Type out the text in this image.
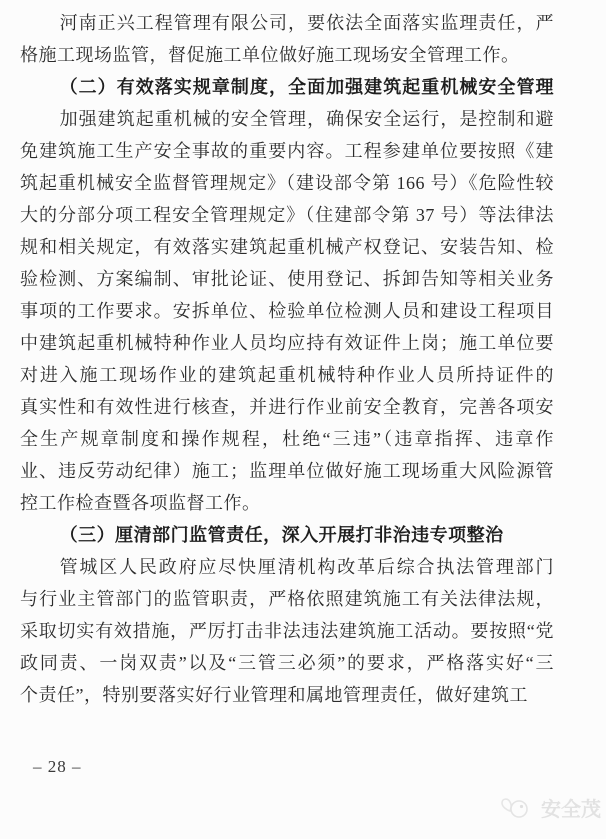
河南正兴工程管理有限公司，要依法全面落实监理责任，严
格施工现场监管，督促施工单位做好施工现场安全管理工作。
（二）有效落实规章制度，全面加强建筑起重机械安全管理
加强建筑起重机械的安全管理，确保安全运行，是控制和避
免建筑施工生产安全事故的重要内容。工程参建单位要按照《建
筑起重机械安全监督管理规定》（建设部令第 166 号）《危险性较
大的分部分项工程安全管理规定》（住建部令第 37 号）等法律法
规和相关规定，有效落实建筑起重机械产权登记、安装告知、检
验检测、方案编制、审批论证、使用登记、拆卸告知等相关业务
事项的工作要求。安拆单位、检验单位检测人员和建设工程项目
中建筑起重机械特种作业人员均应持有效证件上岗；施工单位要
对进入施工现场作业的建筑起重机械特种作业人员所持证件的
真实性和有效性进行核查，并进行作业前安全教育，完善各项安
全生产规章制度和操作规程，杜绝“三违”（违章指挥、违章作
业、违反劳动纪律）施工；监理单位做好施工现场重大风险源管
控工作检查暨各项监督工作。
（三）厘清部门监管责任，深入开展打非治违专项整治
管城区人民政府应尽快厘清机构改革后综合执法管理部门
与行业主管部门的监管职责，严格依照建筑施工有关法律法规，
采取切实有效措施，严厉打击非法违法建筑施工活动。要按照“党
政同责、一岗双责”以及“三管三必须”的要求，严格落实好“三
个责任”，特别要落实好行业管理和属地管理责任，做好建筑工
– 28 –
安全茂
